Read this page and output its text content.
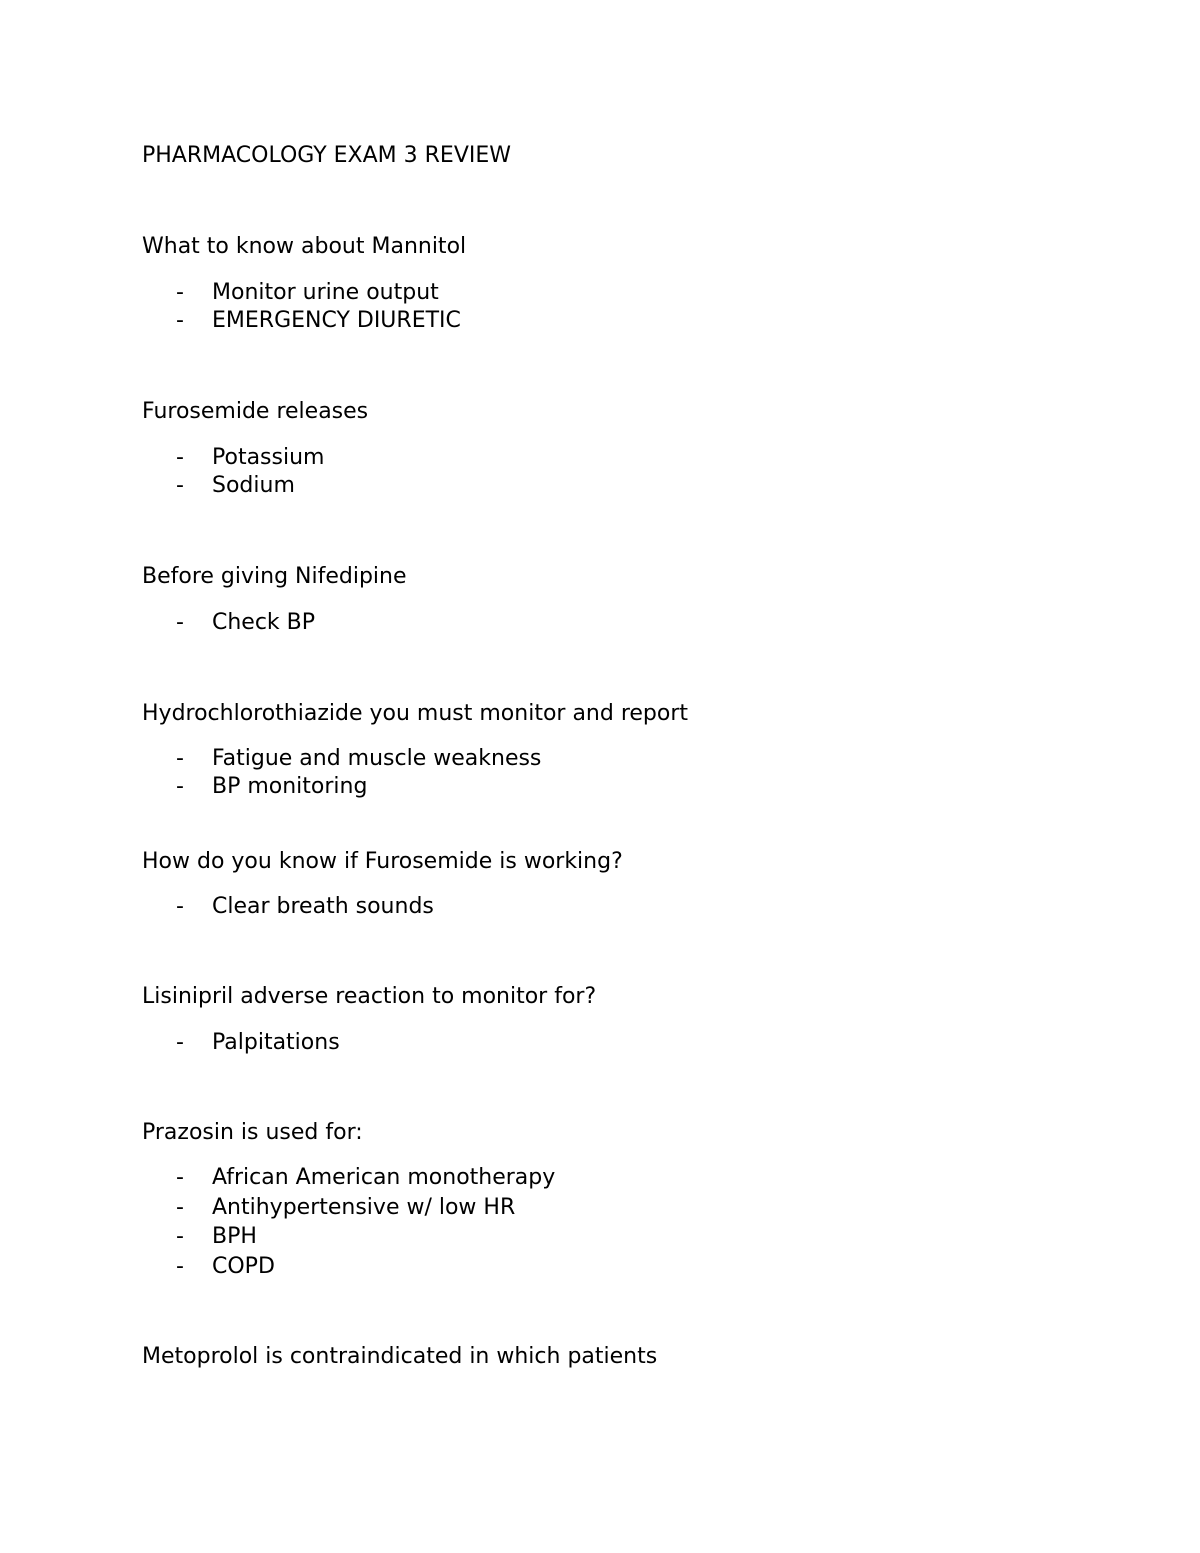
PHARMACOLOGY EXAM 3 REVIEW
What to know about Mannitol
- Monitor urine output
- EMERGENCY DIURETIC
Furosemide releases
- Potassium
- Sodium
Before giving Nifedipine
- Check BP
Hydrochlorothiazide you must monitor and report
- Fatigue and muscle weakness
- BP monitoring
How do you know if Furosemide is working?
- Clear breath sounds
Lisinipril adverse reaction to monitor for?
- Palpitations
Prazosin is used for:
- African American monotherapy
- Antihypertensive w/ low HR
- BPH
- COPD
Metoprolol is contraindicated in which patients
